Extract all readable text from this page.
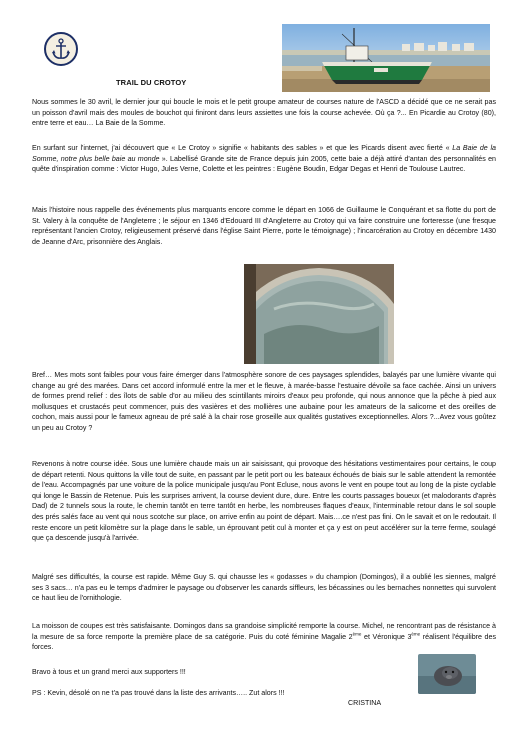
TRAIL DU CROTOY

Nous sommes le 30 avril, le dernier jour qui boucle le mois et le petit groupe amateur de courses nature de l'ASCD a décidé que ce ne serait pas un poisson d'avril mais des moules de bouchot qui finiront dans leurs assiettes une fois la course achevée. Où ça ?... En Picardie au Crotoy (80), entre terre et eau… La Baie de la Somme.

En surfant sur l'internet, j'ai découvert que « Le Crotoy » signifie « habitants des sables » et que les Picards disent avec fierté « La Baie de la Somme, notre plus belle baie au monde ». Labellisé Grande site de France depuis juin 2005, cette baie a déjà attiré d'antan des personnalités en quête d'inspiration comme : Victor Hugo, Jules Verne, Colette et les peintres : Eugène Boudin, Edgar Degas et Henri de Toulouse Lautrec.

Mais l'histoire nous rappelle des événements plus marquants encore comme le départ en 1066 de Guillaume le Conquérant et sa flotte du port de St. Valery à la conquête de l'Angleterre ; le séjour en 1346 d'Edouard III d'Angleterre au Crotoy qui va faire construire une forteresse (une fresque représentant l'ancien Crotoy, religieusement préservé dans l'église Saint Pierre, porte le témoignage) ; l'incarcération au Crotoy en décembre 1430 de Jeanne d'Arc, prisonnière des Anglais.

Bref… Mes mots sont faibles pour vous faire émerger dans l'atmosphère sonore de ces paysages splendides, balayés par une lumière vivante qui change au gré des marées. Dans cet accord informulé entre la mer et le fleuve, à marée-basse l'estuaire dévoile sa face cachée. Ainsi un univers de formes prend relief : des îlots de sable d'or au milieu des scintillants miroirs d'eaux peu profonde, qui nous annonce que la pêche à pied aux mollusques et crustacés peut commencer, puis des vasières et des mollières une aubaine pour les amateurs de la salicorne et des oreilles de cochon, mais aussi pour le fameux agneau de pré salé à la chair rose groseille aux qualités gustatives exceptionnelles. Alors ?...Avez vous goûtez un peu au Crotoy ?

Revenons à notre course idée. Sous une lumière chaude mais un air saisissant, qui provoque des hésitations vestimentaires pour certains, le coup de départ retenti. Nous quittons la ville tout de suite, en passant par le petit port ou les bateaux échoués de biais sur le sable attendent la remontée de l'eau. Accompagnés par une voiture de la police municipale jusqu'au Pont Ecluse, nous avons le vent en poupe tout au long de la piste cyclable qui longe le Bassin de Retenue. Puis les surprises arrivent, la course devient dure, dure. Entre les courts passages boueux (et malodorants d'après Dad) de 2 tunnels sous la route, le chemin tantôt en terre tantôt en herbe, les nombreuses flaques d'eaux, l'interminable retour dans le sol souple des prés salés face au vent qui nous scotche sur place, on arrive enfin au point de départ. Mais….ce n'est pas fini. On le savait et on le redoutait. Il reste encore un petit kilomètre sur la plage dans le sable, un éprouvant petit cul à monter et ça y est on peut accélérer sur la terre ferme, soulagé que ça descende jusqu'à l'arrivée.

Malgré ses difficultés, la course est rapide. Même Guy S. qui chausse les « godasses » du champion (Domingos), il a oublié les siennes, malgré ses 3 sacs… n'a pas eu le temps d'admirer le paysage ou d'observer les canards siffleurs, les bécassines ou les bernaches nonnettes qui survolent ce haut lieu de l'ornithologie.

La moisson de coupes est très satisfaisante. Domingos dans sa grandoise simplicité remporte la course. Michel, ne rencontrant pas de résistance à la mesure de sa force remporte la première place de sa catégorie. Puis du coté féminine Magalie 2ème et Véronique 3ème réalisent l'équilibre des forces.

Bravo à tous et un grand merci aux supporters !!!

PS : Kevin, désolé on ne t'a pas trouvé dans la liste des arrivants….. Zut alors !!!

CRISTINA
